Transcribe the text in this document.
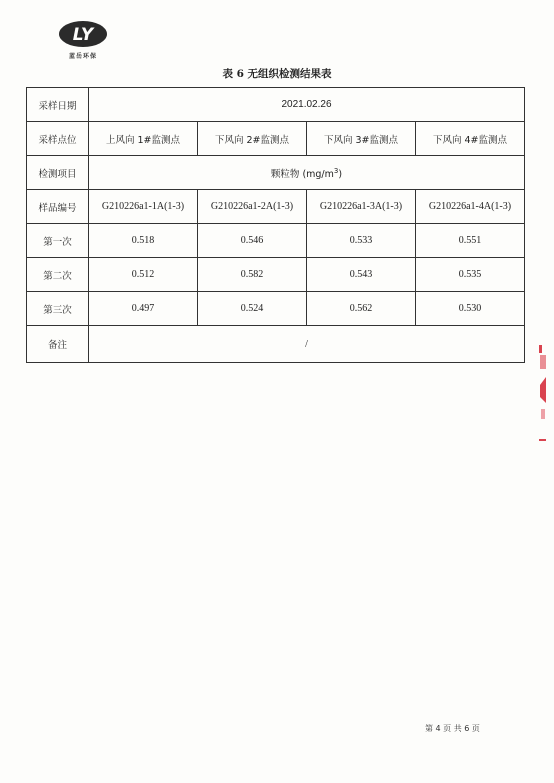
LY
蓝岳环保
表 6 无组织检测结果表
采样日期	2021.02.26			
采样点位	上风向 1#监测点	下风向 2#监测点	下风向 3#监测点	下风向 4#监测点
检测项目	颗粒物 $(mg/m^3)$			
样品编号	G210226a1-1A(1-3)	G210226a1-2A(1-3)	G210226a1-3A(1-3)	G210226a1-4A(1-3)
第一次	0.518	0.546	0.533	0.551
第二次	0.512	0.582	0.543	0.535
第三次	0.497	0.524	0.562	0.530
备注	/			
第 4 页 共 6 页
